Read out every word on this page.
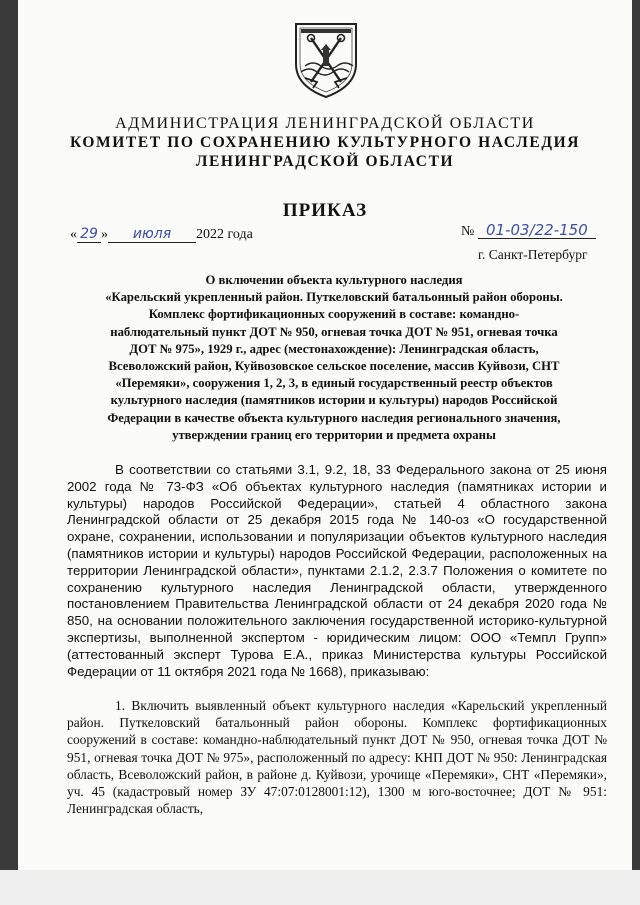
АДМИНИСТРАЦИЯ ЛЕНИНГРАДСКОЙ ОБЛАСТИ
КОМИТЕТ ПО СОХРАНЕНИЮ КУЛЬТУРНОГО НАСЛЕДИЯ
ЛЕНИНГРАДСКОЙ ОБЛАСТИ
ПРИКАЗ
« 29 » июля 2022 года	№ 01-03/22-150
г. Санкт-Петербург
О включении объекта культурного наследия
«Карельский укрепленный район. Путкеловский батальонный район обороны.
Комплекс фортификационных сооружений в составе: командно-
наблюдательный пункт ДОТ № 950, огневая точка ДОТ № 951, огневая точка
ДОТ № 975», 1929 г., адрес (местонахождение): Ленинградская область,
Всеволожский район, Куйвозовское сельское поселение, массив Куйвози, СНТ
«Перемяки», сооружения 1, 2, 3, в единый государственный реестр объектов
культурного наследия (памятников истории и культуры) народов Российской
Федерации в качестве объекта культурного наследия регионального значения,
утверждении границ его территории и предмета охраны

В соответствии со статьями 3.1, 9.2, 18, 33 Федерального закона от 25 июня 2002 года № 73-ФЗ «Об объектах культурного наследия (памятниках истории и культуры) народов Российской Федерации», статьей 4 областного закона Ленинградской области от 25 декабря 2015 года № 140-оз «О государственной охране, сохранении, использовании и популяризации объектов культурного наследия (памятников истории и культуры) народов Российской Федерации, расположенных на территории Ленинградской области», пунктами 2.1.2, 2.3.7 Положения о комитете по сохранению культурного наследия Ленинградской области, утвержденного постановлением Правительства Ленинградской области от 24 декабря 2020 года № 850, на основании положительного заключения государственной историко-культурной экспертизы, выполненной экспертом - юридическим лицом: ООО «Темпл Групп» (аттестованный эксперт Турова Е.А., приказ Министерства культуры Российской Федерации от 11 октября 2021 года № 1668), приказываю:

1. Включить выявленный объект культурного наследия «Карельский укрепленный район. Путкеловский батальонный район обороны. Комплекс фортификационных сооружений в составе: командно-наблюдательный пункт ДОТ № 950, огневая точка ДОТ № 951, огневая точка ДОТ № 975», расположенный по адресу: КНП ДОТ № 950: Ленинградская область, Всеволожский район, в районе д. Куйвози, урочище «Перемяки», СНТ «Перемяки», уч. 45 (кадастровый номер ЗУ 47:07:0128001:12), 1300 м юго-восточнее; ДОТ № 951: Ленинградская область,
